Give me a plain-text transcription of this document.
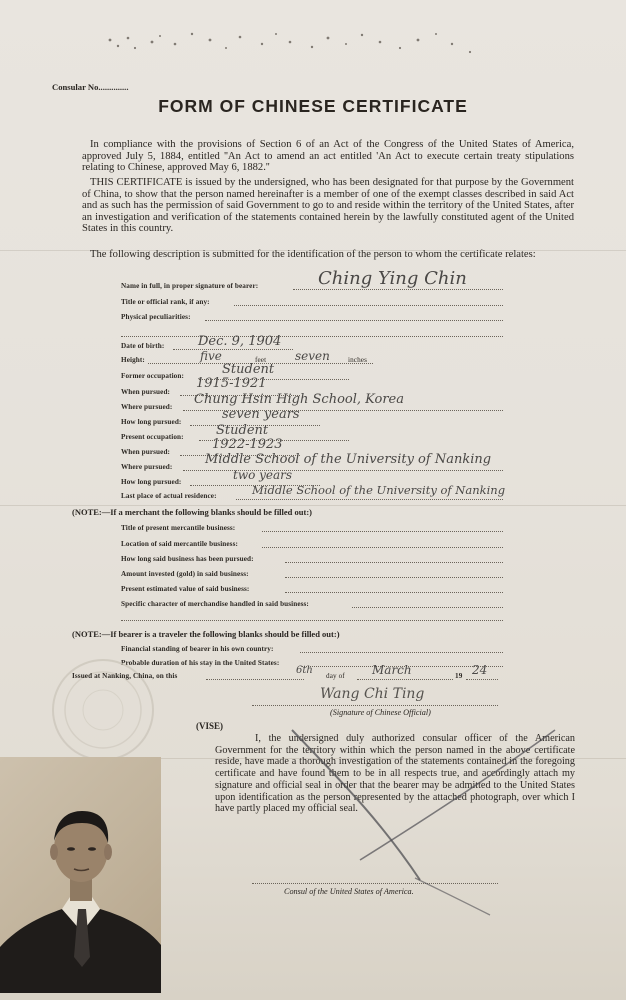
Consular No..............
FORM OF CHINESE CERTIFICATE
In compliance with the provisions of Section 6 of an Act of the Congress of the United States of America, approved July 5, 1884, entitled ''An Act to amend an act entitled 'An Act to execute certain treaty stipulations relating to Chinese, approved May 6, 1882.''
THIS CERTIFICATE is issued by the undersigned, who has been designated for that purpose by the Government of China, to show that the person named hereinafter is a member of one of the exempt classes described in said Act and as such has the permission of said Government to go to and reside within the territory of the United States, after an investigation and verification of the statements contained herein by the lawfully constituted agent of the United States in this country.
The following description is submitted for the identification of the person to whom the certificate relates:
Name in full, in proper signature of bearer:	Ching Ying Chin
Title or official rank, if any:
Physical peculiarities:
Date of birth:	Dec. 9, 1904
Height:	five	feet seven	inches
Former occupation:	Student
When pursued:
1915-1921
Where pursued: Chung Hsin High School, Korea
How long pursued:	seven years
Present occupation: Student
When pursued:	1922-1923
Where pursued:	Middle School of the University of Nanking
How long pursued:	two years
Last place of actual residence:	Middle School of the University of Nanking
(NOTE:—If a merchant the following blanks should be filled out:)
Title of present mercantile business:
Location of said mercantile business:
How long said business has been pursued:
Amount invested (gold) in said business:
Present estimated value of said business:
Specific character of merchandise handled in said business:
(NOTE:—If bearer is a traveler the following blanks should be filled out:)
Financial standing of bearer in his own country:
Probable duration of his stay in the United States:
Issued at Nanking, China, on this	6th day of March	19 24
Wang Chi Ting
(Signature of Chinese Official)
(VISE)
I, the undersigned duly authorized consular officer of the American Government for the territory within which the person named in the above certificate reside, have made a thorough investigation of the statements contained in the foregoing certificate and have found them to be in all respects true, and accordingly attach my signature and official seal in order that the bearer may be admitted to the United States upon identification as the person represented by the attached photograph, over which I have partly placed my official seal.
Consul of the United States of America.
